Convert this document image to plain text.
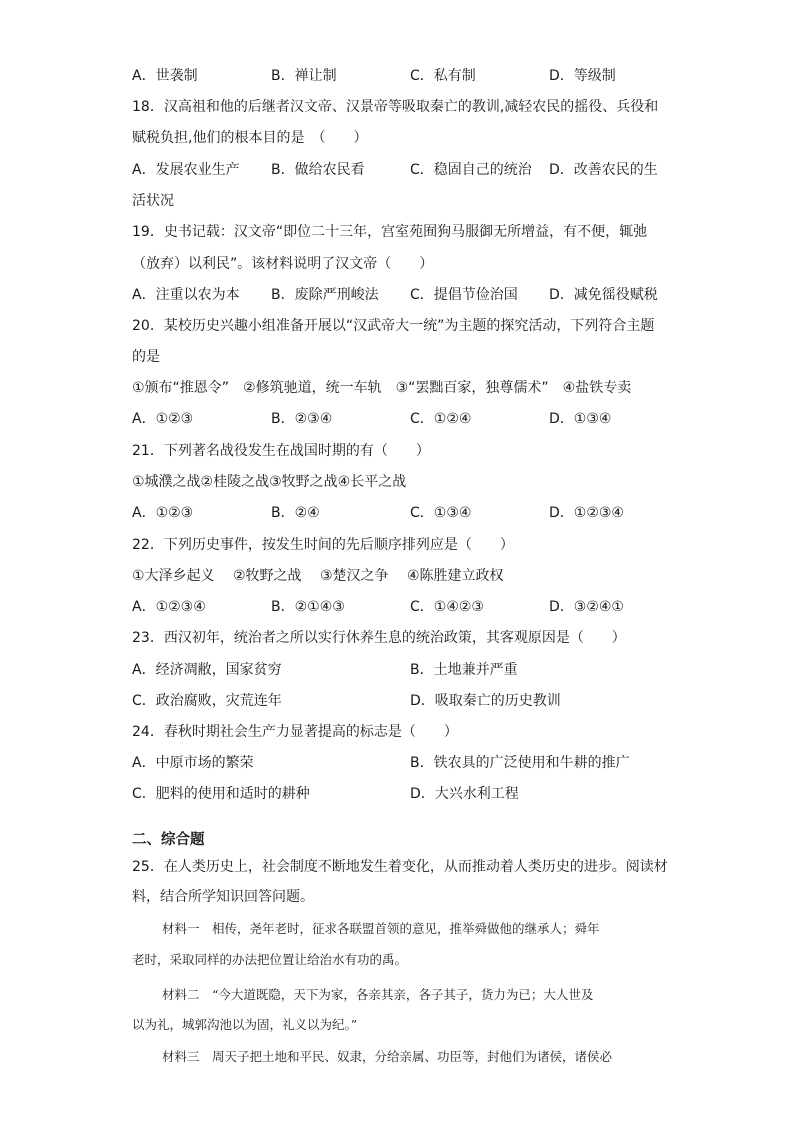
A．世袭制	B．禅让制	C．私有制	D．等级制
18．汉高祖和他的后继者汉文帝、汉景帝等吸取秦亡的教训,减轻农民的摇役、兵役和
赋税负担,他们的根本目的是　（　　）
A．发展农业生产	B．做给农民看	C．稳固自己的统治	D．改善农民的生
活状况
19．史书记载：汉文帝“即位二十三年，宫室苑囿狗马服御无所增益，有不便，辄弛
（放弃）以利民”。该材料说明了汉文帝（　　）
A．注重以农为本	B．废除严刑峻法	C．提倡节俭治国	D．减免徭役赋税
20．某校历史兴趣小组准备开展以“汉武帝大一统”为主题的探究活动，下列符合主题
的是
①颁布“推恩令”　②修筑驰道，统一车轨　③“罢黜百家，独尊儒术”　④盐铁专卖
A．①②③	B．②③④	C．①②④	D．①③④
21．下列著名战役发生在战国时期的有（　　）
①城濮之战②桂陵之战③牧野之战④长平之战
A．①②③	B．②④	C．①③④	D．①②③④
22．下列历史事件，按发生时间的先后顺序排列应是（　　）
①大泽乡起义　 ②牧野之战　 ③楚汉之争　 ④陈胜建立政权
A．①②③④	B．②①④③	C．①④②③	D．③②④①
23．西汉初年，统治者之所以实行休养生息的统治政策，其客观原因是（　　）
A．经济凋敝，国家贫穷	B．土地兼并严重
C．政治腐败，灾荒连年	D．吸取秦亡的历史教训
24．春秋时期社会生产力显著提高的标志是（　　）
A．中原市场的繁荣	B．铁农具的广泛使用和牛耕的推广
C．肥料的使用和适时的耕种	D．大兴水利工程
二、综合题
25．在人类历史上，社会制度不断地发生着变化，从而推动着人类历史的进步。阅读材
料，结合所学知识回答问题。
材料一　相传，尧年老时，征求各联盟首领的意见，推举舜做他的继承人；舜年
老时，采取同样的办法把位置让给治水有功的禹。
材料二　“今大道既隐，天下为家，各亲其亲，各子其子，货力为已；大人世及
以为礼，城郭沟池以为固，礼义以为纪。”
材料三　周天子把土地和平民、奴隶，分给亲属、功臣等，封他们为诸侯，诸侯必
